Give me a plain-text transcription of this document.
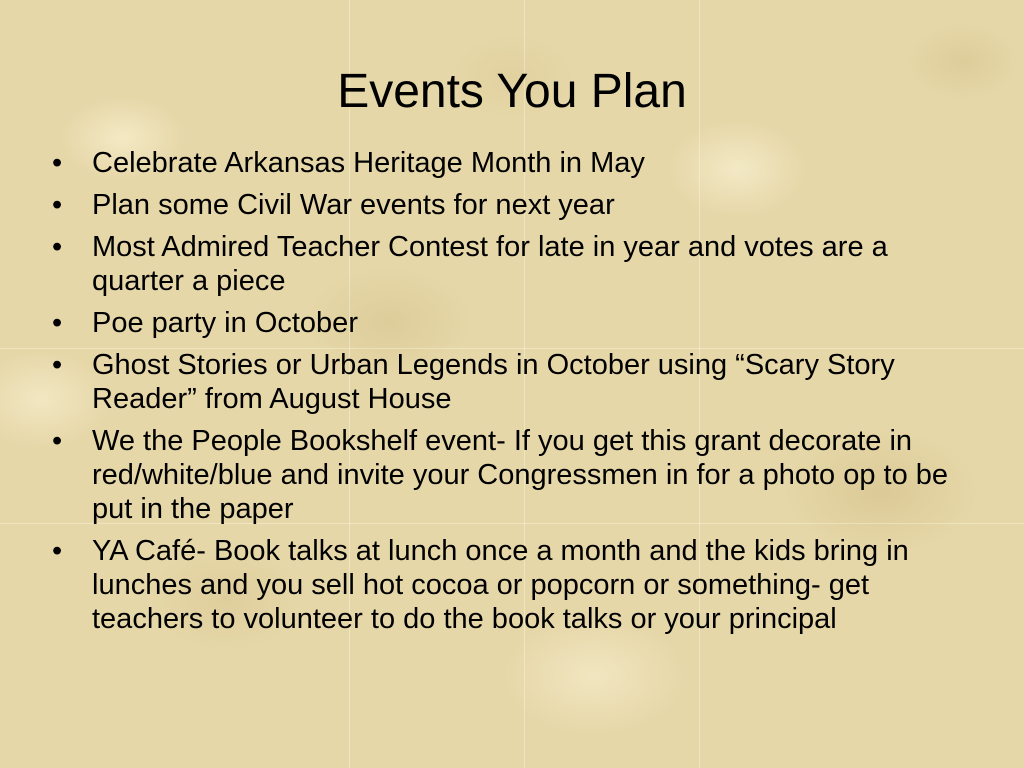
Events You Plan
• Celebrate Arkansas Heritage Month in May
• Plan some Civil War events for next year
• Most Admired Teacher Contest for late in year and votes are a quarter a piece
• Poe party in October
• Ghost Stories or Urban Legends in October using “Scary Story Reader” from August House
• We the People Bookshelf event- If you get this grant decorate in red/white/blue and invite your Congressmen in for a photo op to be put in the paper
• YA Café- Book talks at lunch once a month and the kids bring in lunches and you sell hot cocoa or popcorn or something- get teachers to volunteer to do the book talks or your principal
